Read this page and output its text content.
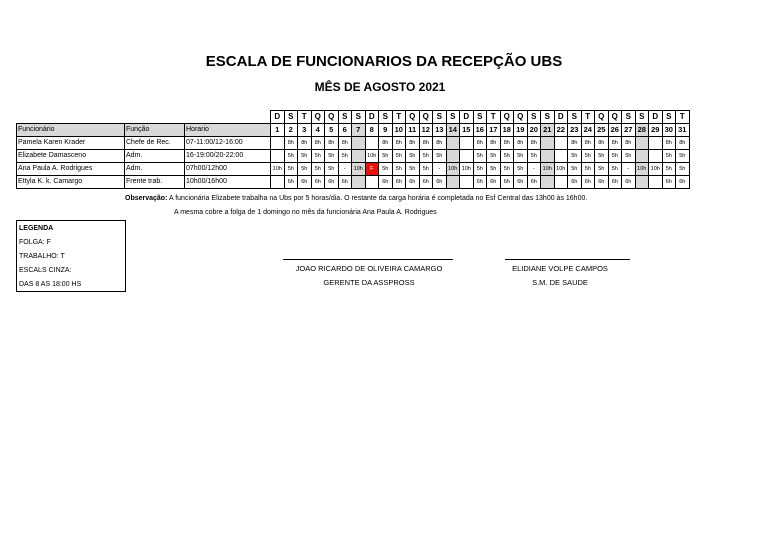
ESCALA DE FUNCIONARIOS DA RECEPÇÃO UBS
MÊS DE AGOSTO 2021
			D	S	T	Q	Q	S	S	D	S	T	Q	Q	S	S	D	S	T	Q	Q	S	S	D	S	T	Q	Q	S	S	D	S	T
Funcionário	Função	Horario	1	2	3	4	5	6	7	8	9	10	11	12	13	14	15	16	17	18	19	20	21	22	23	24	25	26	27	28	29	30	31
Pamela Karen Krader	Chefe de Rec.	07-11:00/12-16:00		8h	8h	8h	8h	8h			8h	8h	8h	8h	8h			8h	8h	8h	8h	8h			8h	8h	8h	8h	8h			8h	8h
Elizabete Damasceno	Adm.	16-19:00/20-22:00		5h	5h	5h	5h	5h		10h	5h	5h	5h	5h	5h			5h	5h	5h	5h	5h			5h	5h	5h	5h	5h			5h	5h
Ana Paula A. Rodrigues	Adm.	07h00/12h00	10h	5h	5h	5h	5h	-	10h	F	5h	5h	5h	5h	-	10h	10h	5h	5h	5h	5h	-	10h	10h	5h	5h	5h	5h	-	10h	10h	5h	5h
Ettyla K. k. Camargo	Frente trab.	10h00/16h00		6h	6h	6h	6h	6h			6h	6h	6h	6h	6h			6h	6h	6h	6h	6h			6h	6h	6h	6h	6h			6h	6h
Observação: A funcionária Elizabete trabalha na Ubs por 5 horas/dia. O restante da carga horária é completada no Esf Central das 13h00 às 16h00.
A mesma cobre a folga de 1 domingo no mês da funcionária Ana Paula A. Rodrigues
LEGENDA
FOLGA: F
TRABALHO: T
ESCALS CINZA:
DAS 8 AS 18:00 HS
JOAO RICARDO DE OLIVEIRA CAMARGO
GERENTE DA ASSPROSS
ELIDIANE VOLPE CAMPOS
S.M. DE SAUDE
